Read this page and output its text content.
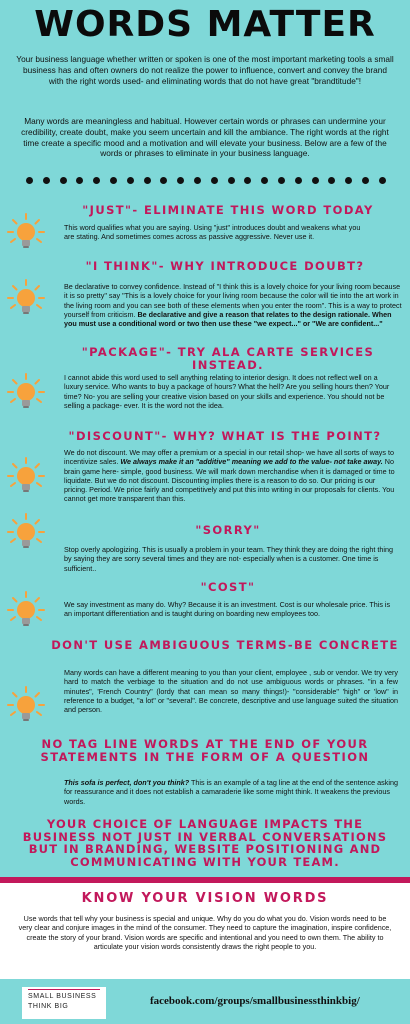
WORDS MATTER

Your business language whether written or spoken is one of the most important marketing tools a small business has and often owners do not realize the power to influence, convert and convey the brand with the right words used- and eliminating words that do not have great "brandtitude"!

Many words are meaningless and habitual. However certain words or phrases can undermine your credibility, create doubt, make you seem uncertain and kill the ambiance. The right words at the right time create a specific mood and a motivation and will elevate your business. Below are a few of the words or phrases to eliminate in your business language.

"JUST"- ELIMINATE THIS WORD TODAY

This word qualifies what you are saying. Using "just" introduces doubt and weakens what you are stating. And sometimes comes across as passive aggressive. Never use it.

"I THINK"- WHY INTRODUCE DOUBT?
Be declarative to convey confidence. Instead of "I think this is a lovely choice for your living room because it is so pretty" say "This is a lovely choice for your living room because the color will tie into the art work in the living room and you can see both of these elements when you enter the room". This is a way to protect yourself from criticism. Be declarative and give a reason that relates to the design rationale. When you must use a conditional word or two then use these "we expect..." or "We are confident..."
"PACKAGE"- TRY ALA CARTE SERVICES INSTEAD.

I cannot abide this word used to sell anything relating to interior design. It does not reflect well on a luxury service. Who wants to buy a package of hours? What the hell? Are you selling hours then? Your time? No- you are selling your creative vision based on your skills and experience. You should not be selling a package- ever. It is the word not the idea.

"DISCOUNT"- WHY? WHAT IS THE POINT?
We do not discount. We may offer a premium or a special in our retail shop- we have all sorts of ways to incentivize sales. We always make it an "additive" meaning we add to the value- not take away. No brain game here- simple, good business. We will mark down merchandise when it is damaged or time to liquidate. But we do not discount. Discounting implies there is a reason to do so. Our pricing is our pricing. Period. We price fairly and competitively and put this into writing in our proposals for clients. You cannot get more transparent than this.
"SORRY"

Stop overly apologizing. This is usually a problem in your team. They think they are doing the right thing by saying they are sorry several times and they are not- especially when is a customer. One time is sufficient..

"COST"

We say investment as many do. Why? Because it is an investment. Cost is our wholesale price. This is an important differentiation and is taught during on boarding new employees too.

DON'T USE AMBIGUOUS TERMS-BE CONCRETE

Many words can have a different meaning to you than your client, employee , sub or vendor. We try very hard to match the verbiage to the situation and do not use ambiguous words or phrases. "in a few minutes", 'French Country" (lordy that can mean so many things!)- "considerable" 'high" or 'low" in reference to a budget, "a lot" or "several". Be concrete, descriptive and use language suited the situation and person.

NO TAG LINE WORDS AT THE END OF YOUR STATEMENTS IN THE FORM OF A QUESTION
This sofa is perfect, don't you think? This is an example of a tag line at the end of the sentence asking for reassurance and it does not establish a camaraderie like some might think. It weakens the previous words.
YOUR CHOICE OF LANGUAGE IMPACTS THE BUSINESS NOT JUST IN VERBAL CONVERSATIONS BUT IN BRANDING, WEBSITE POSITIONING AND COMMUNICATING WITH YOUR TEAM.
KNOW YOUR VISION WORDS

Use words that tell why your business is special and unique. Why do you do what you do. Vision words need to be very clear and conjure images in the mind of the consumer. They need to capture the imagination, inspire confidence, create the story of your brand. Vision words are specific and intentional and you need to own them. The ability to articulate your vision words consistently draws the right people to you.

SMALL BUSINESS
THINK BIG	facebook.com/groups/smallbusinessthinkbig/
